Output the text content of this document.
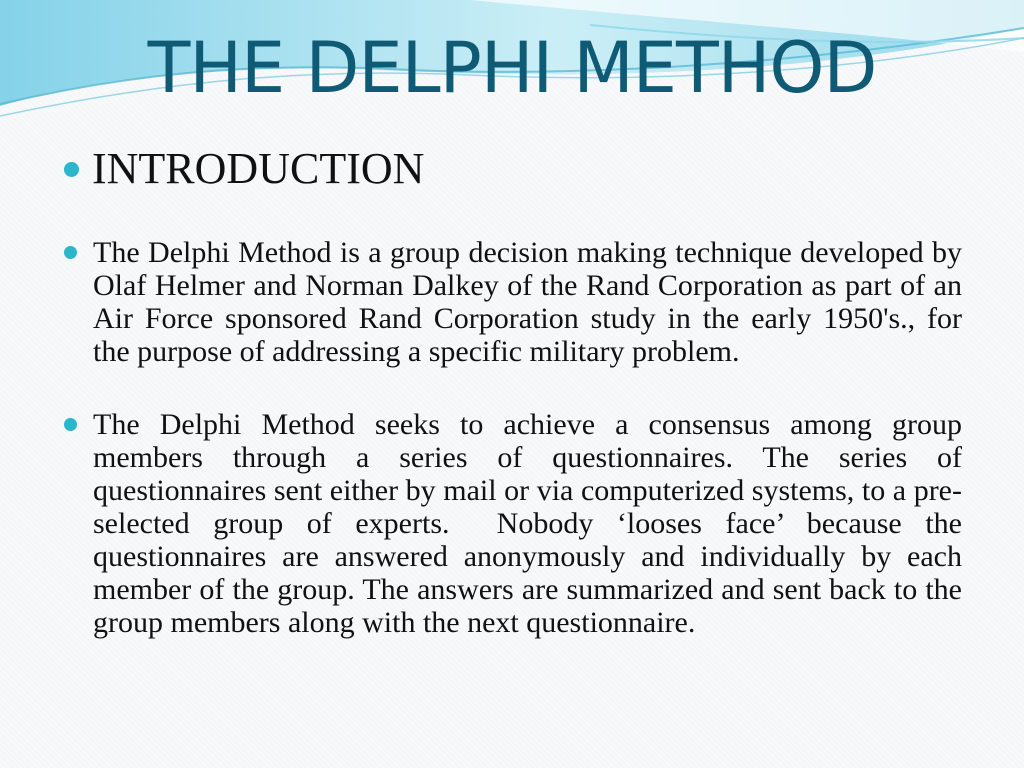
THE DELPHI METHOD
INTRODUCTION
The Delphi Method is a group decision making technique developed by Olaf Helmer and Norman Dalkey of the Rand Corporation as part of an Air Force sponsored Rand Corporation study in the early 1950's., for the purpose of addressing a specific military problem.
The Delphi Method seeks to achieve a consensus among group members through a series of questionnaires. The series of questionnaires sent either by mail or via computerized systems, to a pre-selected group of experts.  Nobody ‘looses face’ because the questionnaires are answered anonymously and individually by each member of the group. The answers are summarized and sent back to the group members along with the next questionnaire.
